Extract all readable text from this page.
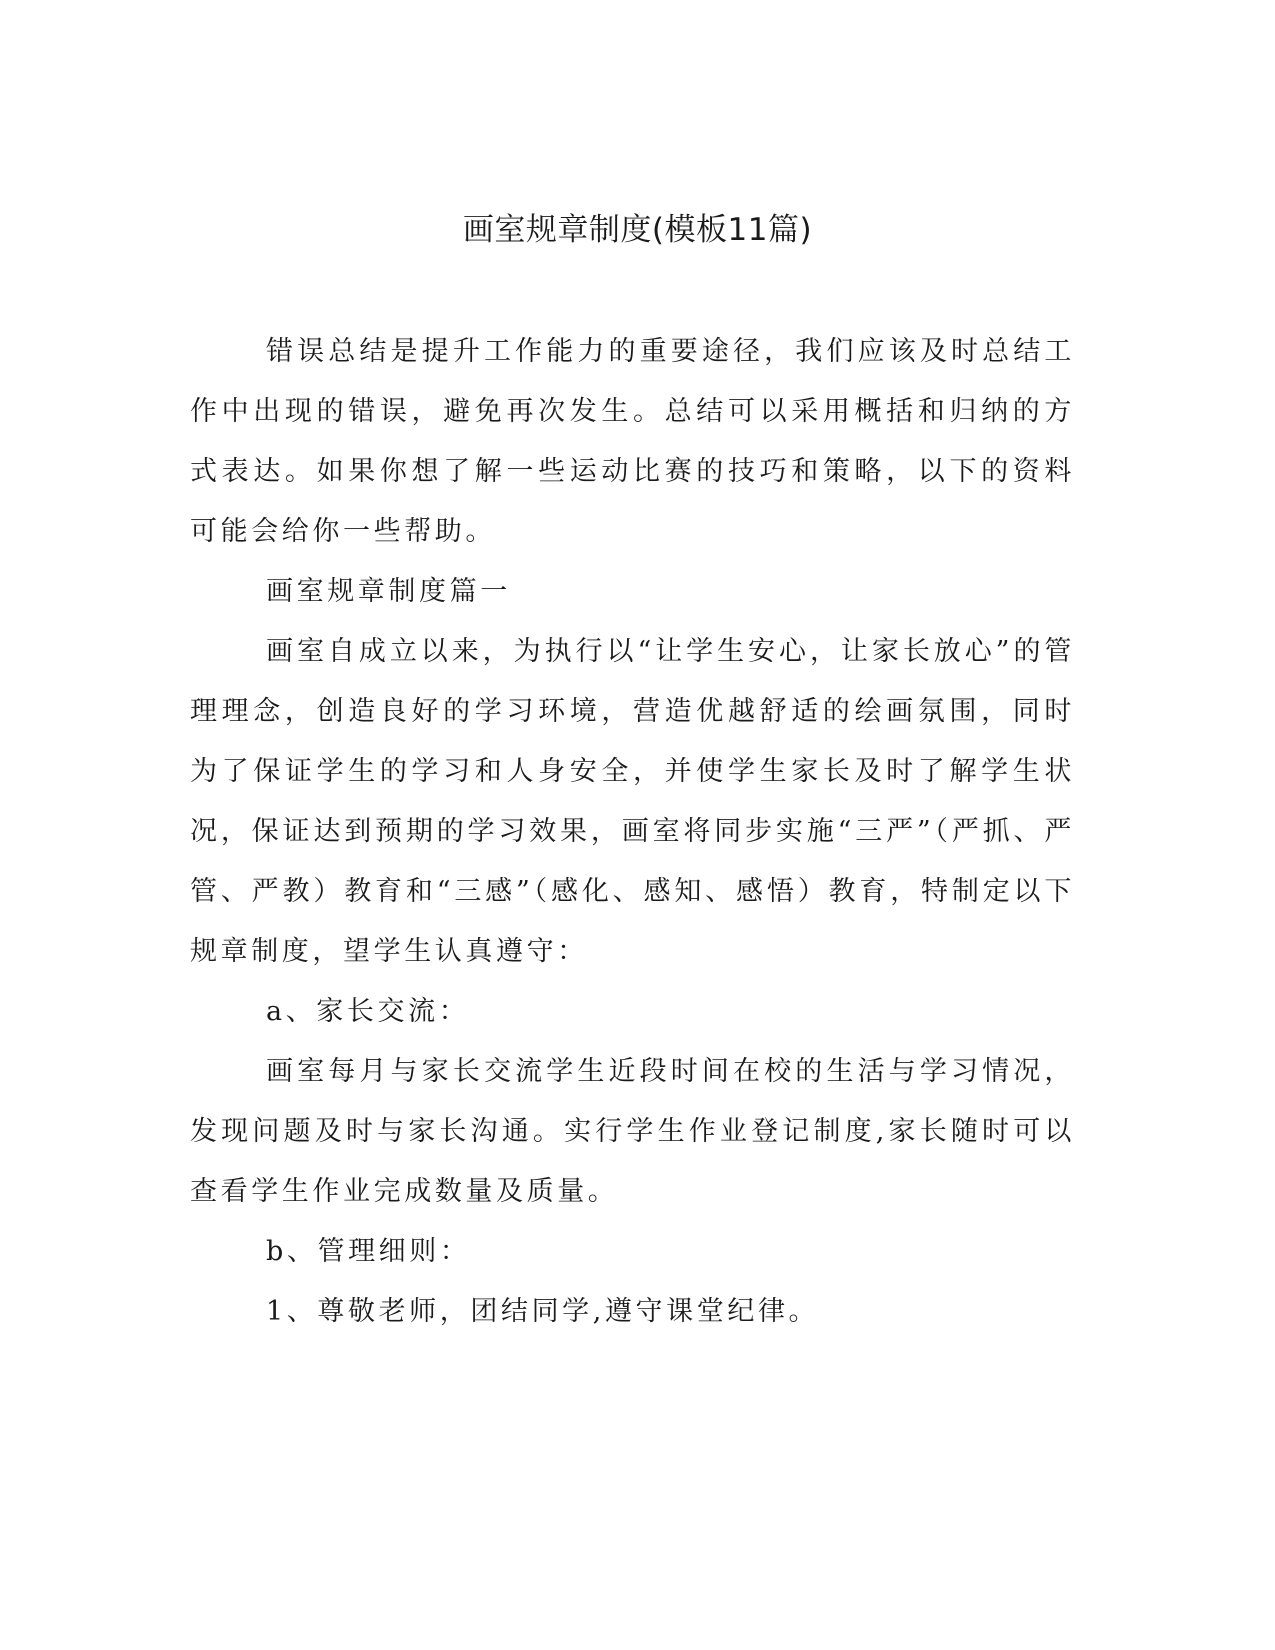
画室规章制度(模板11篇)

错误总结是提升工作能力的重要途径，我们应该及时总结工作中出现的错误，避免再次发生。总结可以采用概括和归纳的方式表达。如果你想了解一些运动比赛的技巧和策略，以下的资料可能会给你一些帮助。

画室规章制度篇一

画室自成立以来，为执行以“让学生安心，让家长放心”的管理理念，创造良好的学习环境，营造优越舒适的绘画氛围，同时为了保证学生的学习和人身安全，并使学生家长及时了解学生状况，保证达到预期的学习效果，画室将同步实施“三严”（严抓、严管、严教）教育和“三感”（感化、感知、感悟）教育，特制定以下规章制度，望学生认真遵守：

a、家长交流：

画室每月与家长交流学生近段时间在校的生活与学习情况，发现问题及时与家长沟通。实行学生作业登记制度,家长随时可以查看学生作业完成数量及质量。

b、管理细则：

1、尊敬老师，团结同学,遵守课堂纪律。
